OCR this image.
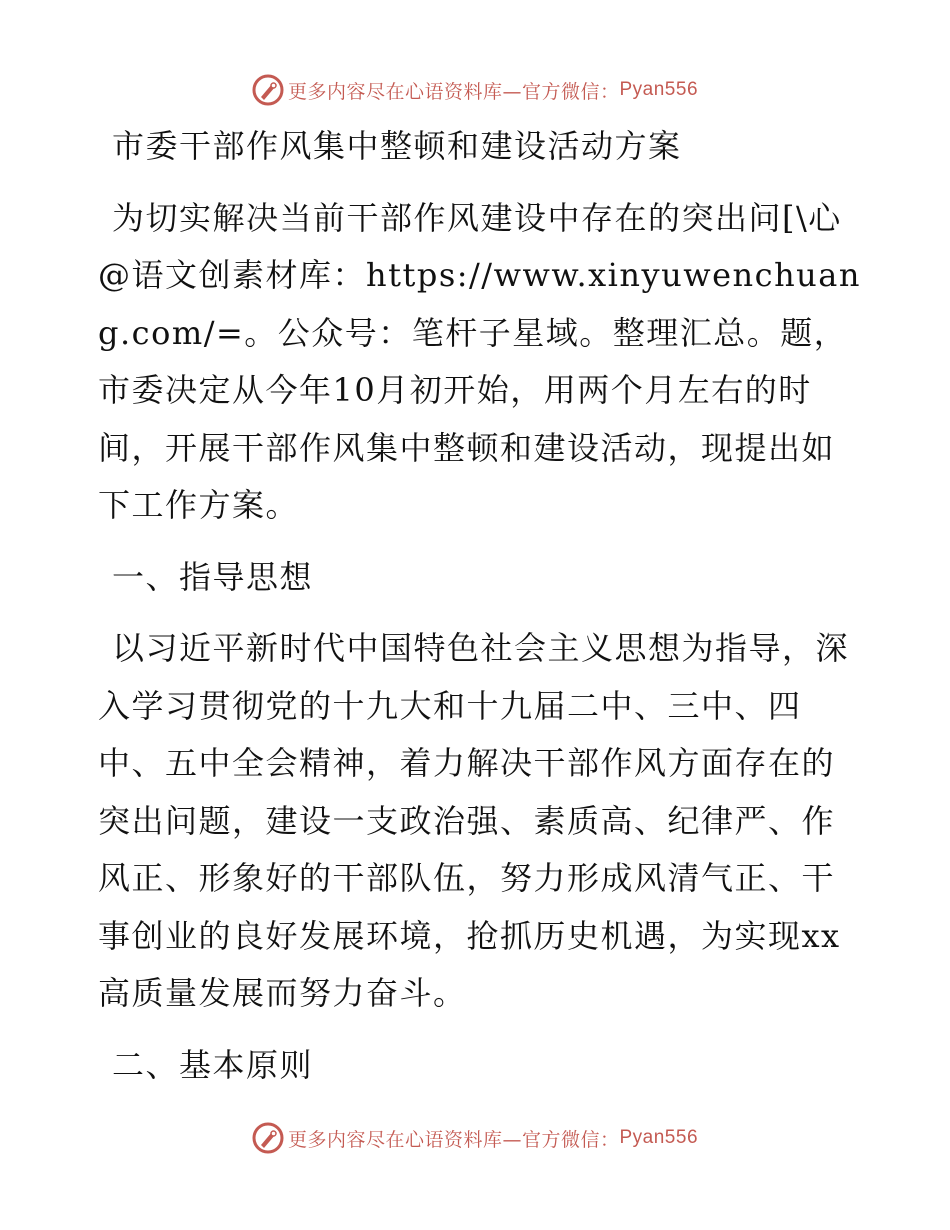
更多内容尽在心语资料库—官方微信： Pyan556

市委干部作风集中整顿和建设活动方案

为切实解决当前干部作风建设中存在的突出问[\心@语文创素材库：https://www.xinyuwenchuang.com/=。公众号：笔杆子星域。整理汇总。题，市委决定从今年10月初开始，用两个月左右的时间，开展干部作风集中整顿和建设活动，现提出如下工作方案。

一、指导思想

以习近平新时代中国特色社会主义思想为指导，深入学习贯彻党的十九大和十九届二中、三中、四中、五中全会精神，着力解决干部作风方面存在的突出问题，建设一支政治强、素质高、纪律严、作风正、形象好的干部队伍，努力形成风清气正、干事创业的良好发展环境，抢抓历史机遇，为实现xx高质量发展而努力奋斗。

二、基本原则

更多内容尽在心语资料库—官方微信： Pyan556
